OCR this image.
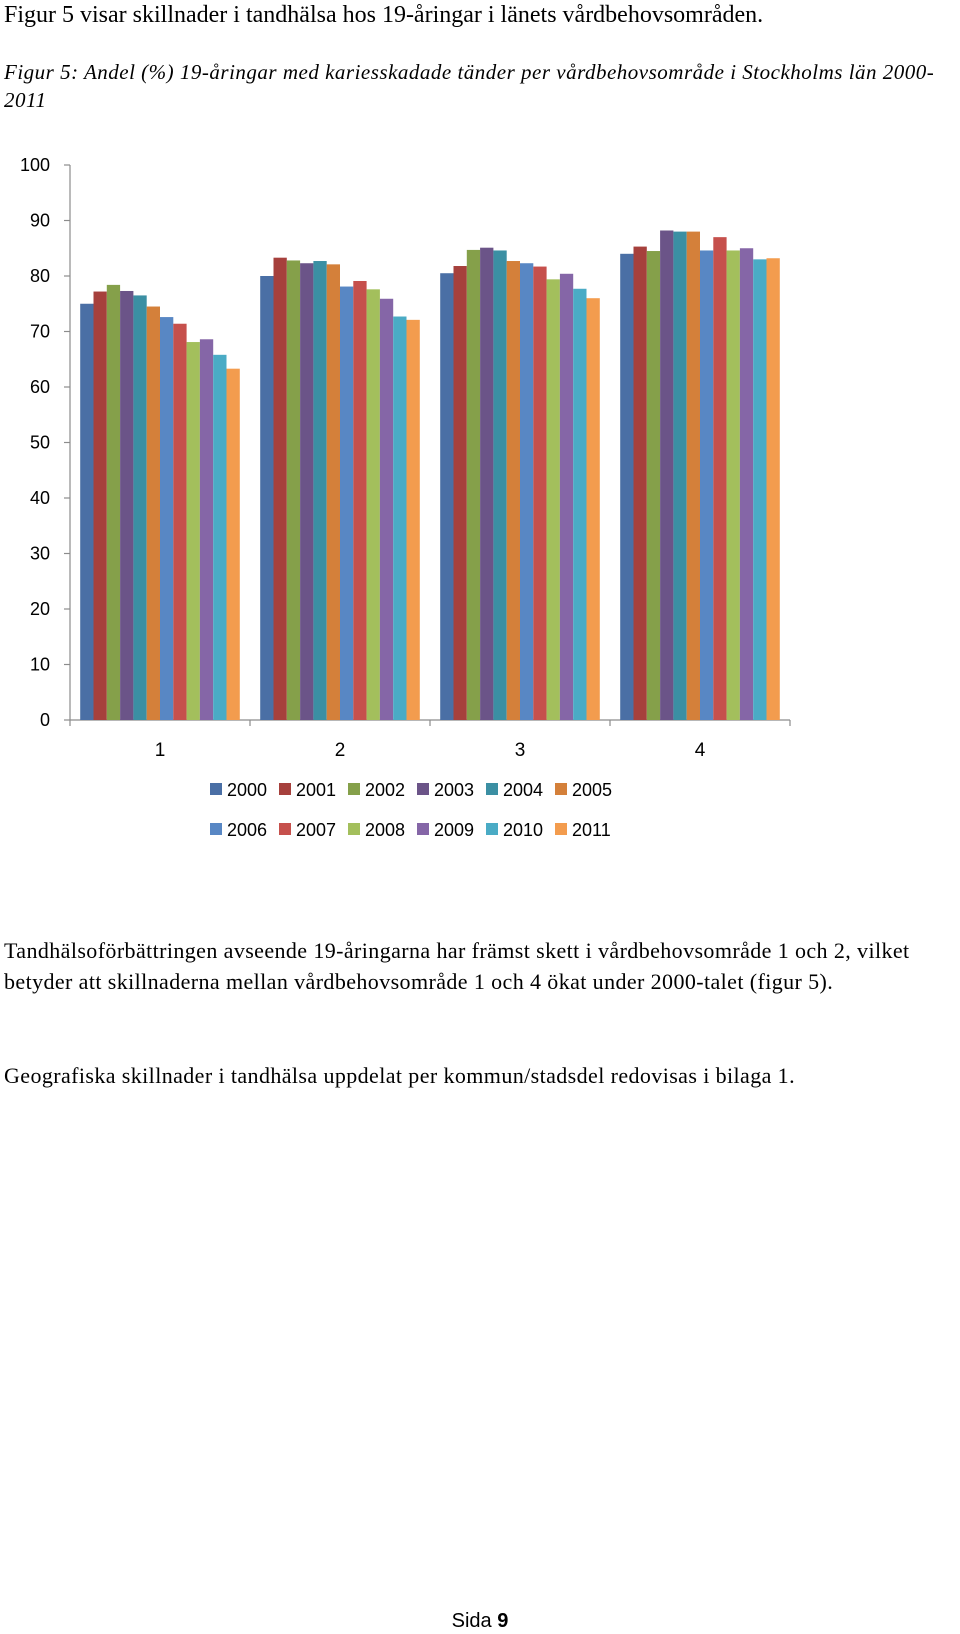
Figur 5 visar skillnader i tandhälsa hos 19-åringar i länets vårdbehovsområden.

Figur 5: Andel (%) 19-åringar med kariesskadade tänder per vårdbehovsområde i Stockholms län 2000- 2011

0
10
20
30
40
50
60
70
80
90
100
1	2	3	4
2000 2001 2002 2003 2004 2005
2006 2007 2008 2009 2010 2011

Tandhälsoförbättringen avseende 19-åringarna har främst skett i vårdbehovsområde 1 och 2, vilket betyder att skillnaderna mellan vårdbehovsområde 1 och 4 ökat under 2000-talet (figur 5).

Geografiska skillnader i tandhälsa uppdelat per kommun/stadsdel redovisas i bilaga 1.

Sida 9
